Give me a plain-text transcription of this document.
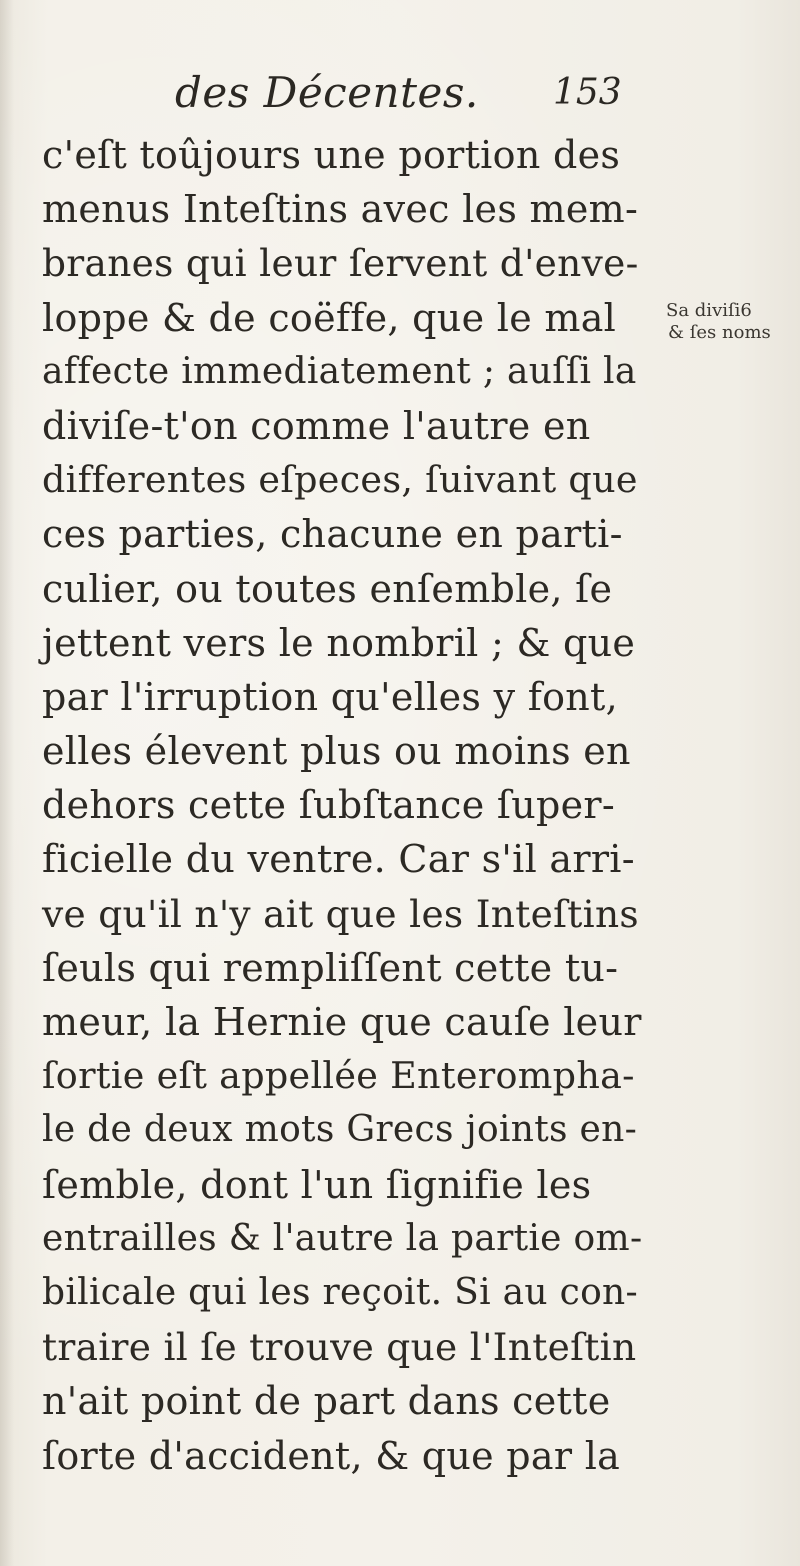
des Décentes. 153
c'eſt toûjours une portion des
menus Inteſtins avec les mem-
branes qui leur ſervent d'enve-
loppe & de coëffe, que le mal
affecte immediatement ; auſſi la
diviſe-t'on comme l'autre en
differentes eſpeces, ſuivant que
ces parties, chacune en parti-
culier, ou toutes enſemble, ſe
jettent vers le nombril ; & que
par l'irruption qu'elles y font,
elles élevent plus ou moins en
dehors cette ſubſtance ſuper-
ficielle du ventre. Car s'il arri-
ve qu'il n'y ait que les Inteſtins
ſeuls qui rempliſſent cette tu-
meur, la Hernie que cauſe leur
ſortie eſt appellée Enteromphа-
le de deux mots Grecs joints en-
ſemble, dont l'un ſignifie les
entrailles & l'autre la partie om-
bilicale qui les reçoit. Si au con-
traire il ſe trouve que l'Inteſtin
n'ait point de part dans cette
ſorte d'accident, & que par la
Sa diviſi6
& ſes noms
